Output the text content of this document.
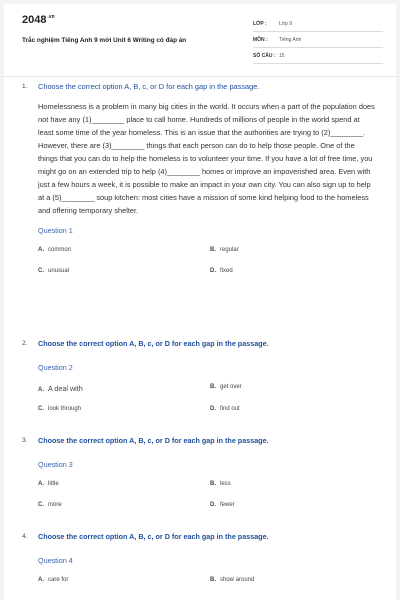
$2048^{.vn}$
Trắc nghiệm Tiếng Anh 9 mới Unit 6 Writing có đáp án
LỚP :	Lớp 9
MÔN :	Tiếng Anh
SỐ CÂU : 15
1.	Choose the correct option A, B, c, or D for each gap in the passage.
Homelessness is a problem in many big cities in the world. It occurs when a part of the population does not have any (1)________ place to call home. Hundreds of millions of people in the world spend at least some time of the year homeless. This is an issue that the authorities are trying to (2)________. However, there are (3)________ things that each person can do to help those people. One of the things that you can do to help the homeless is to volunteer your time. If you have a lot of free time, you might go on an extended trip to help (4)________ homes or improve an impoverished area. Even with just a few hours a week, it is possible to make an impact in your own city. You can also sign up to help at a (5)________ soup kitchen: most cities have a mission of some kind helping food to the homeless and offering temporary shelter.
Question 1
A. common	B. regular
C. unusual	D. fixed
2.	Choose the correct option A, B, c, or D for each gap in the passage.
Question 2
A. A deal with	B. get over
C. look through	D. find out
3.	Choose the correct option A, B, c, or D for each gap in the passage.
Question 3
A. little	B. less
C. more	D. fewer
4.	Choose the correct option A, B, c, or D for each gap in the passage.
Question 4
A. care for	B. show around
